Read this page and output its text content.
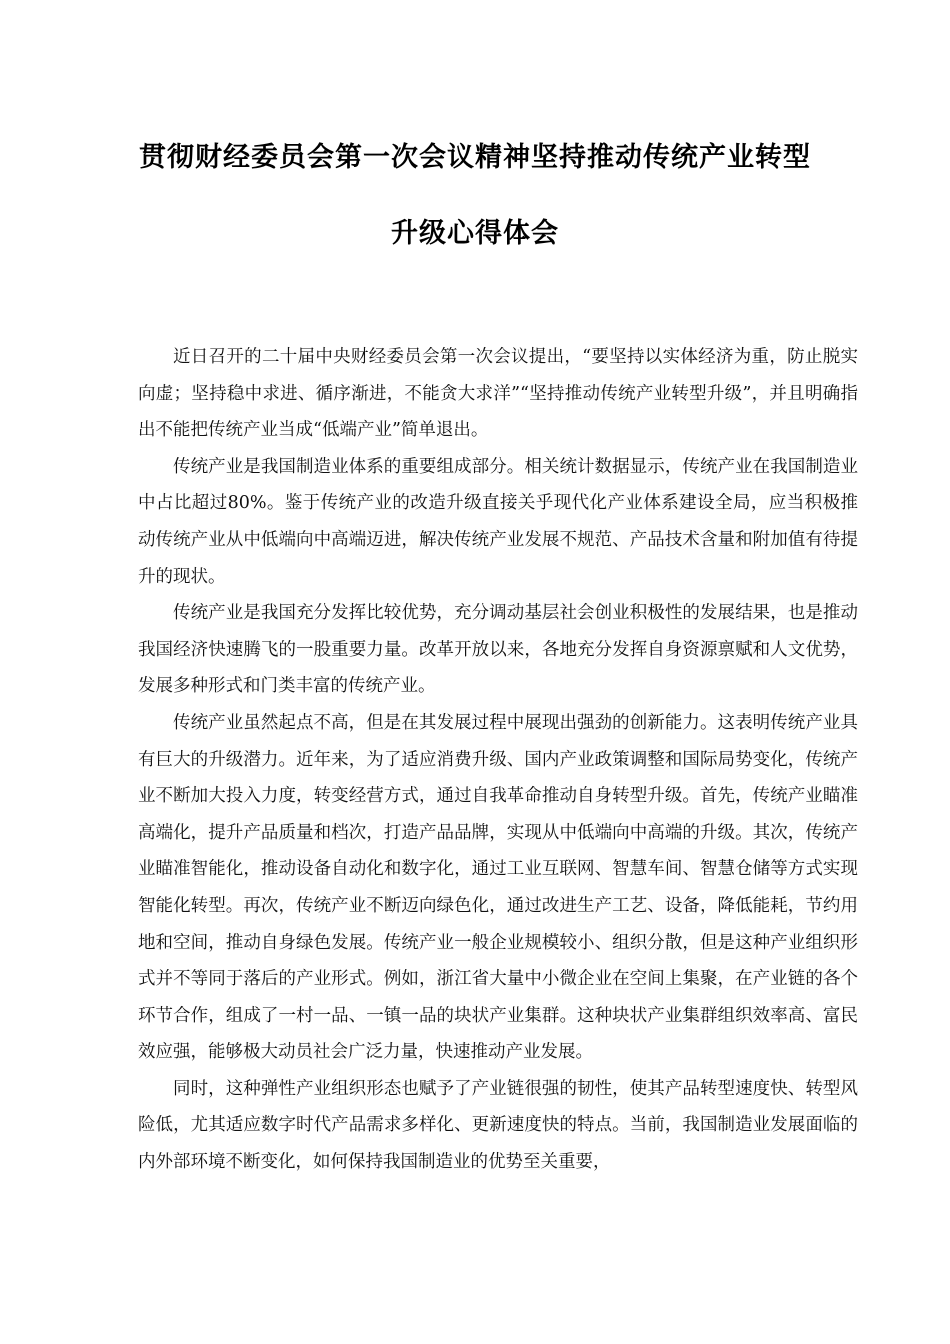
贯彻财经委员会第一次会议精神坚持推动传统产业转型
升级心得体会

近日召开的二十届中央财经委员会第一次会议提出，“要坚持以实体经济为重，防止脱实向虚；坚持稳中求进、循序渐进，不能贪大求洋”“坚持推动传统产业转型升级”，并且明确指出不能把传统产业当成“低端产业”简单退出。

传统产业是我国制造业体系的重要组成部分。相关统计数据显示，传统产业在我国制造业中占比超过80%。鉴于传统产业的改造升级直接关乎现代化产业体系建设全局，应当积极推动传统产业从中低端向中高端迈进，解决传统产业发展不规范、产品技术含量和附加值有待提升的现状。

传统产业是我国充分发挥比较优势，充分调动基层社会创业积极性的发展结果，也是推动我国经济快速腾飞的一股重要力量。改革开放以来，各地充分发挥自身资源禀赋和人文优势，发展多种形式和门类丰富的传统产业。

传统产业虽然起点不高，但是在其发展过程中展现出强劲的创新能力。这表明传统产业具有巨大的升级潜力。近年来，为了适应消费升级、国内产业政策调整和国际局势变化，传统产业不断加大投入力度，转变经营方式，通过自我革命推动自身转型升级。首先，传统产业瞄准高端化，提升产品质量和档次，打造产品品牌，实现从中低端向中高端的升级。其次，传统产业瞄准智能化，推动设备自动化和数字化，通过工业互联网、智慧车间、智慧仓储等方式实现智能化转型。再次，传统产业不断迈向绿色化，通过改进生产工艺、设备，降低能耗，节约用地和空间，推动自身绿色发展。传统产业一般企业规模较小、组织分散，但是这种产业组织形式并不等同于落后的产业形式。例如，浙江省大量中小微企业在空间上集聚，在产业链的各个环节合作，组成了一村一品、一镇一品的块状产业集群。这种块状产业集群组织效率高、富民效应强，能够极大动员社会广泛力量，快速推动产业发展。

同时，这种弹性产业组织形态也赋予了产业链很强的韧性，使其产品转型速度快、转型风险低，尤其适应数字时代产品需求多样化、更新速度快的特点。当前，我国制造业发展面临的内外部环境不断变化，如何保持我国制造业的优势至关重要，
